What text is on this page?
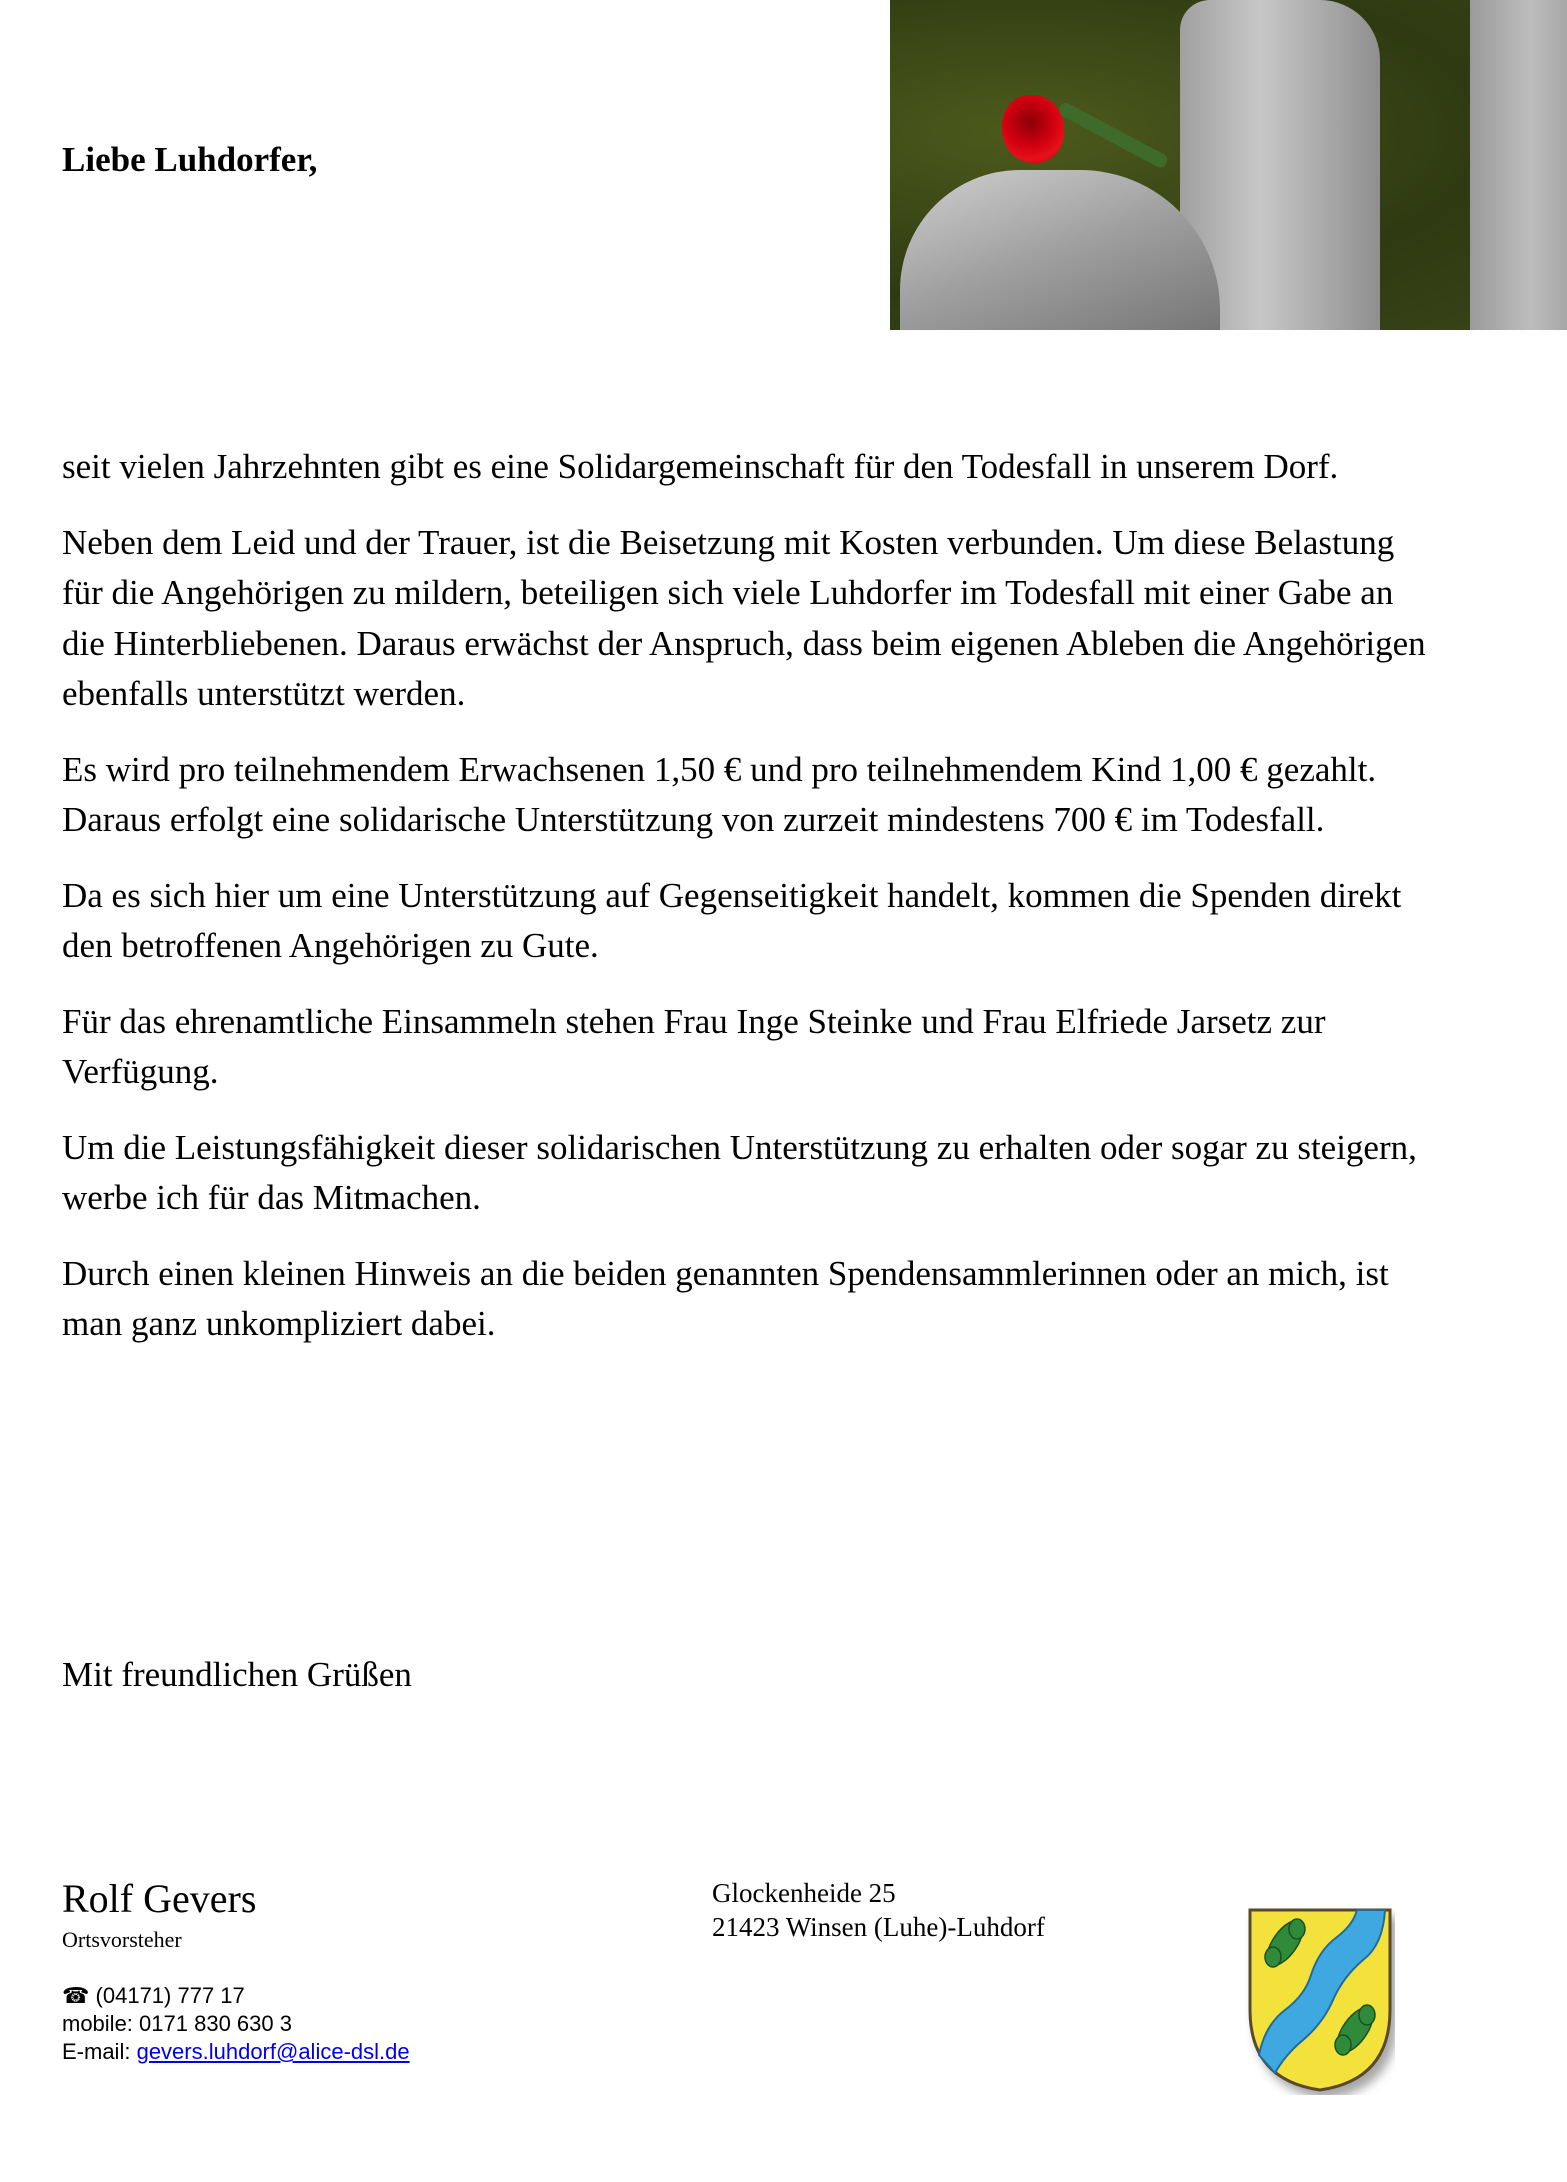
Liebe Luhdorfer,

seit vielen Jahrzehnten gibt es eine Solidargemeinschaft für den Todesfall in unserem Dorf.

Neben dem Leid und der Trauer, ist die Beisetzung mit Kosten verbunden. Um diese Belastung für die Angehörigen zu mildern, beteiligen sich viele Luhdorfer im Todesfall mit einer Gabe an die Hinterbliebenen. Daraus erwächst der Anspruch, dass beim eigenen Ableben die Angehörigen ebenfalls unterstützt werden.

Es wird pro teilnehmendem Erwachsenen 1,50 € und pro teilnehmendem Kind 1,00 € gezahlt. Daraus erfolgt eine solidarische Unterstützung von zurzeit mindestens 700 € im Todesfall.

Da es sich hier um eine Unterstützung auf Gegenseitigkeit handelt, kommen die Spenden direkt den betroffenen Angehörigen zu Gute.

Für das ehrenamtliche Einsammeln stehen Frau Inge Steinke und Frau Elfriede Jarsetz zur Verfügung.

Um die Leistungsfähigkeit dieser solidarischen Unterstützung zu erhalten oder sogar zu steigern, werbe ich für das Mitmachen.

Durch einen kleinen Hinweis an die beiden genannten Spendensammlerinnen oder an mich, ist man ganz unkompliziert dabei.

Mit freundlichen Grüßen

Rolf Gevers

Ortsvorsteher

☎ (04171) 777 17
mobile: 0171 830 630 3
E-mail: gevers.luhdorf@alice-dsl.de
Glockenheide 25
21423 Winsen (Luhe)-Luhdorf
